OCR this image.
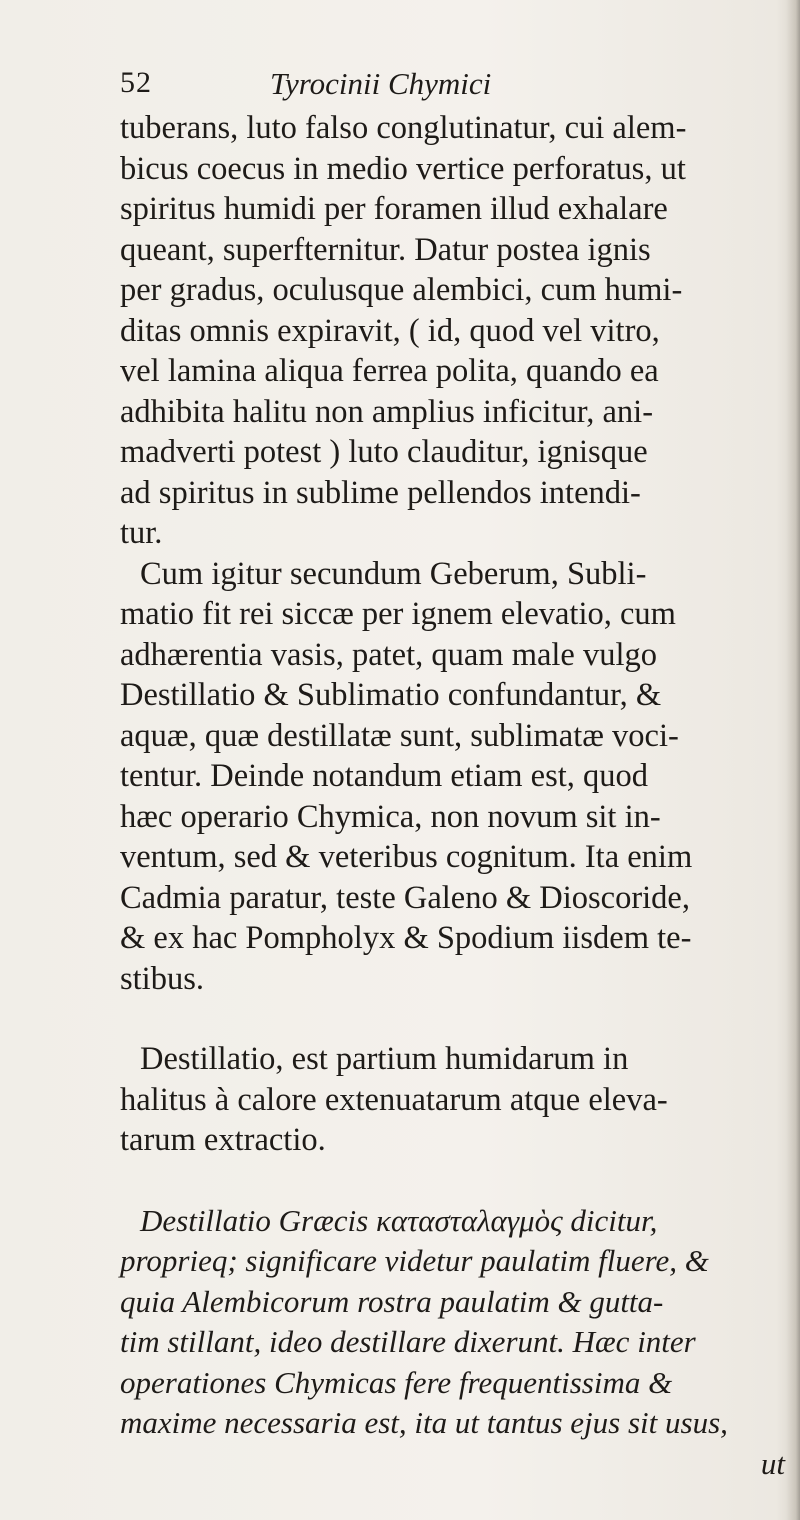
52	Tyrocinii Chymici
tuberans, luto falso conglutinatur, cui alem-
bicus coecus in medio vertice perforatus, ut
spiritus humidi per foramen illud exhalare
queant, superfternitur. Datur postea ignis
per gradus, oculusque alembici, cum humi-
ditas omnis expiravit, ( id, quod vel vitro,
vel lamina aliqua ferrea polita, quando ea
adhibita halitu non amplius inficitur, ani-
madverti potest ) luto clauditur, ignisque
ad spiritus in sublime pellendos intendi-
tur.
Cum igitur secundum Geberum, Subli-
matio fit rei siccæ per ignem elevatio, cum
adhærentia vasis, patet, quam male vulgo
Destillatio & Sublimatio confundantur, &
aquæ, quæ destillatæ sunt, sublimatæ voci-
tentur. Deinde notandum etiam est, quod
hæc operario Chymica, non novum sit in-
ventum, sed & veteribus cognitum. Ita enim
Cadmia paratur, teste Galeno & Dioscoride,
& ex hac Pompholyx & Spodium iisdem te-
stibus.
Destillatio, est partium humidarum in
halitus à calore extenuatarum atque eleva-
tarum extractio.
Destillatio Græcis κατασταλαγμὸς dicitur,
proprieq; significare videtur paulatim fluere, &
quia Alembicorum rostra paulatim & gutta-
tim stillant, ideo destillare dixerunt. Hæc inter
operationes Chymicas fere frequentissima &
maxime necessaria est, ita ut tantus ejus sit usus,
ut
